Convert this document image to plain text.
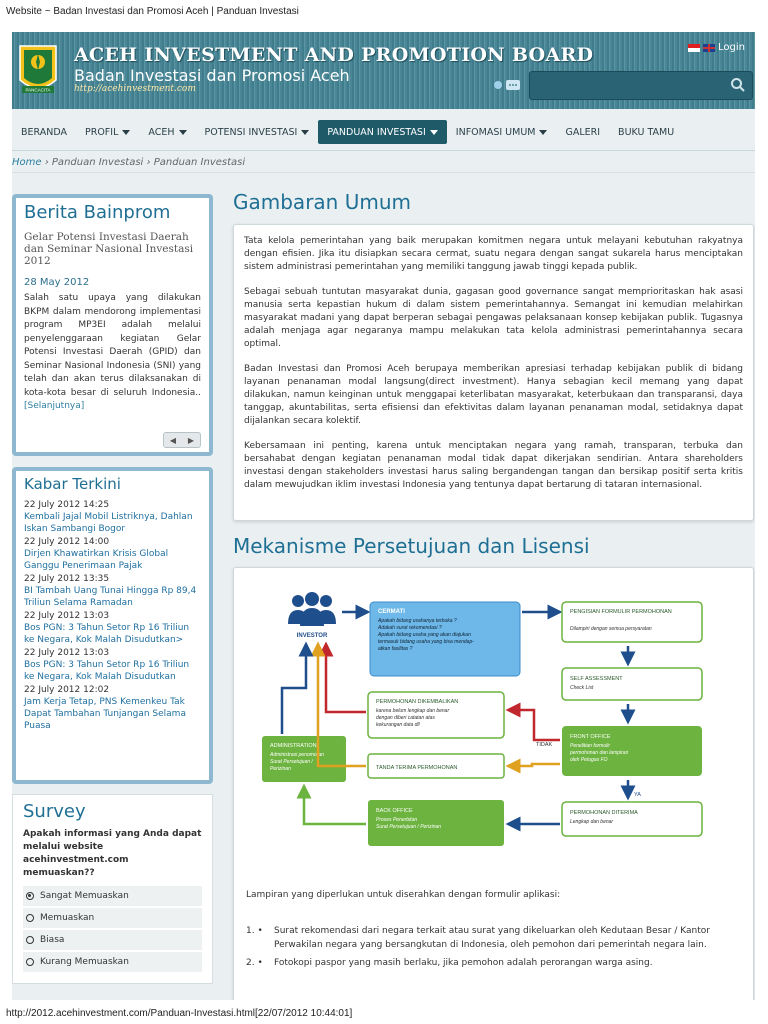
Website ~ Badan Investasi dan Promosi Aceh | Panduan Investasi
PANCACITA
ACEH INVESTMENT AND PROMOTION BOARD
Badan Investasi dan Promosi Aceh
http://acehinvestment.com
Login
BERANDA PROFIL	ACEH	POTENSI INVESTASI	PANDUAN INVESTASI	INFOMASI UMUM	GALERI BUKU TAMU
Home › Panduan Investasi › Panduan Investasi
Berita Bainprom
Gelar Potensi Investasi Daerah dan Seminar Nasional Investasi 2012
28 May 2012
Salah satu upaya yang dilakukan BKPM dalam mendorong implementasi program MP3EI adalah melalui penyelenggaraan kegiatan Gelar Potensi Investasi Daerah (GPID) dan Seminar Nasional Indonesia (SNI) yang telah dan akan terus dilaksanakan di kota-kota besar di seluruh Indonesia..[Selanjutnya]
◀ ▶
Kabar Terkini
22 July 2012 14:25
Kembali Jajal Mobil Listriknya, Dahlan Iskan Sambangi Bogor
22 July 2012 14:00
Dirjen Khawatirkan Krisis Global Ganggu Penerimaan Pajak
22 July 2012 13:35
BI Tambah Uang Tunai Hingga Rp 89,4 Triliun Selama Ramadan
22 July 2012 13:03
Bos PGN: 3 Tahun Setor Rp 16 Triliun ke Negara, Kok Malah Disudutkan>
22 July 2012 13:03
Bos PGN: 3 Tahun Setor Rp 16 Triliun ke Negara, Kok Malah Disudutkan
22 July 2012 12:02
Jam Kerja Tetap, PNS Kemenkeu Tak Dapat Tambahan Tunjangan Selama Puasa
Survey
Apakah informasi yang Anda dapat melalui website acehinvestment.com memuaskan??
Sangat Memuaskan
Memuaskan
Biasa
Kurang Memuaskan
Gambaran Umum

Tata kelola pemerintahan yang baik merupakan komitmen negara untuk melayani kebutuhan rakyatnya dengan efisien. Jika itu disiapkan secara cermat, suatu negara dengan sangat sukarela harus menciptakan sistem administrasi pemerintahan yang memiliki tanggung jawab tinggi kepada publik.

Sebagai sebuah tuntutan masyarakat dunia, gagasan good governance sangat memprioritaskan hak asasi manusia serta kepastian hukum di dalam sistem pemerintahannya. Semangat ini kemudian melahirkan masyarakat madani yang dapat berperan sebagai pengawas pelaksanaan konsep kebijakan publik. Tugasnya adalah menjaga agar negaranya mampu melakukan tata kelola administrasi pemerintahannya secara optimal.

Badan Investasi dan Promosi Aceh berupaya memberikan apresiasi terhadap kebijakan publik di bidang layanan penanaman modal langsung(direct investment). Hanya sebagian kecil memang yang dapat dilakukan, namun keinginan untuk menggapai keterlibatan masyarakat, keterbukaan dan transparansi, daya tanggap, akuntabilitas, serta efisiensi dan efektivitas dalam layanan penanaman modal, setidaknya dapat dijalankan secara kolektif.

Kebersamaan ini penting, karena untuk menciptakan negara yang ramah, transparan, terbuka dan bersahabat dengan kegiatan penanaman modal tidak dapat dikerjakan sendirian. Antara shareholders investasi dengan stakeholders investasi harus saling bergandengan tangan dan bersikap positif serta kritis dalam mewujudkan iklim investasi Indonesia yang tentunya dapat bertarung di tataran internasional.

Mekanisme Persetujuan dan Lisensi
INVESTOR
CERMATI
Apakah bidang usahanya terbuka ?
Adakah surat rekomendasi ?
Apakah bidang usaha yang akan diajukan
termasuk bidang usaha yang bisa mendap-
atkan fasilitas ?
PENGISIAN FORMULIR PERMOHONAN
Dilampiri dengan semua persyaratan
SELF ASSESSMENT
Check List
PERMOHONAN DIKEMBALIKAN
karena belum lengkap dan benar
dengan diberi catatan atas
kekurangan data dll
FRONT OFFICE
Penelitian formulir
permohonan dan lampiran
oleh Petugas FO
TIDAK
ADMINISTRATION
Administrasi penomoran
Surat Persetujuan /
Perizinan	TANDA TERIMA PERMOHONAN
YA
BACK OFFICE
Proses Penerbitan
Surat Persetujuan / Perizinan
PERMOHONAN DITERIMA
Lengkap dan benar
Lampiran yang diperlukan untuk diserahkan dengan formulir aplikasi:
1. •	Surat rekomendasi dari negara terkait atau surat yang dikeluarkan oleh Kedutaan Besar / Kantor Perwakilan negara yang bersangkutan di Indonesia, oleh pemohon dari pemerintah negara lain.
2. •	Fotokopi paspor yang masih berlaku, jika pemohon adalah perorangan warga asing.
http://2012.acehinvestment.com/Panduan-Investasi.html[22/07/2012 10:44:01]
